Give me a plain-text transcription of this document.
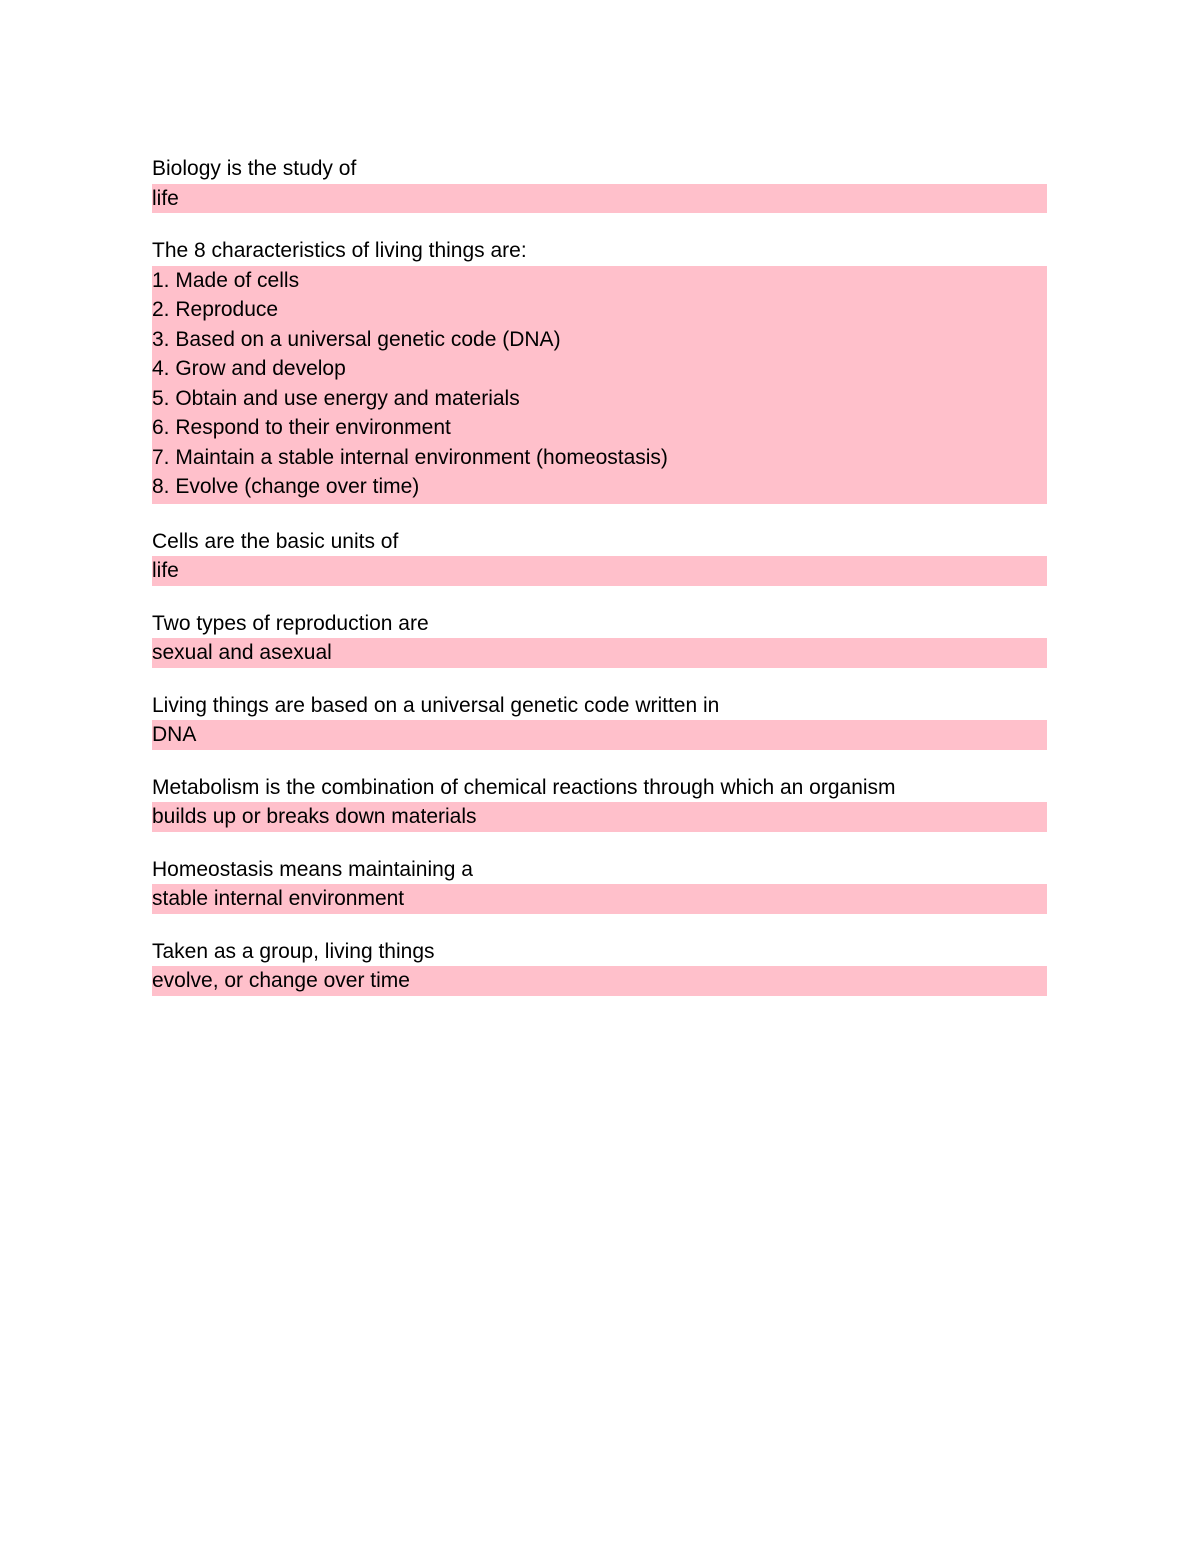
Biology is the study of
life
The 8 characteristics of living things are:
1. Made of cells
2. Reproduce
3. Based on a universal genetic code (DNA)
4. Grow and develop
5. Obtain and use energy and materials
6. Respond to their environment
7. Maintain a stable internal environment (homeostasis)
8. Evolve (change over time)
Cells are the basic units of
life
Two types of reproduction are
sexual and asexual
Living things are based on a universal genetic code written in
DNA
Metabolism is the combination of chemical reactions through which an organism
builds up or breaks down materials
Homeostasis means maintaining a
stable internal environment
Taken as a group, living things
evolve, or change over time
